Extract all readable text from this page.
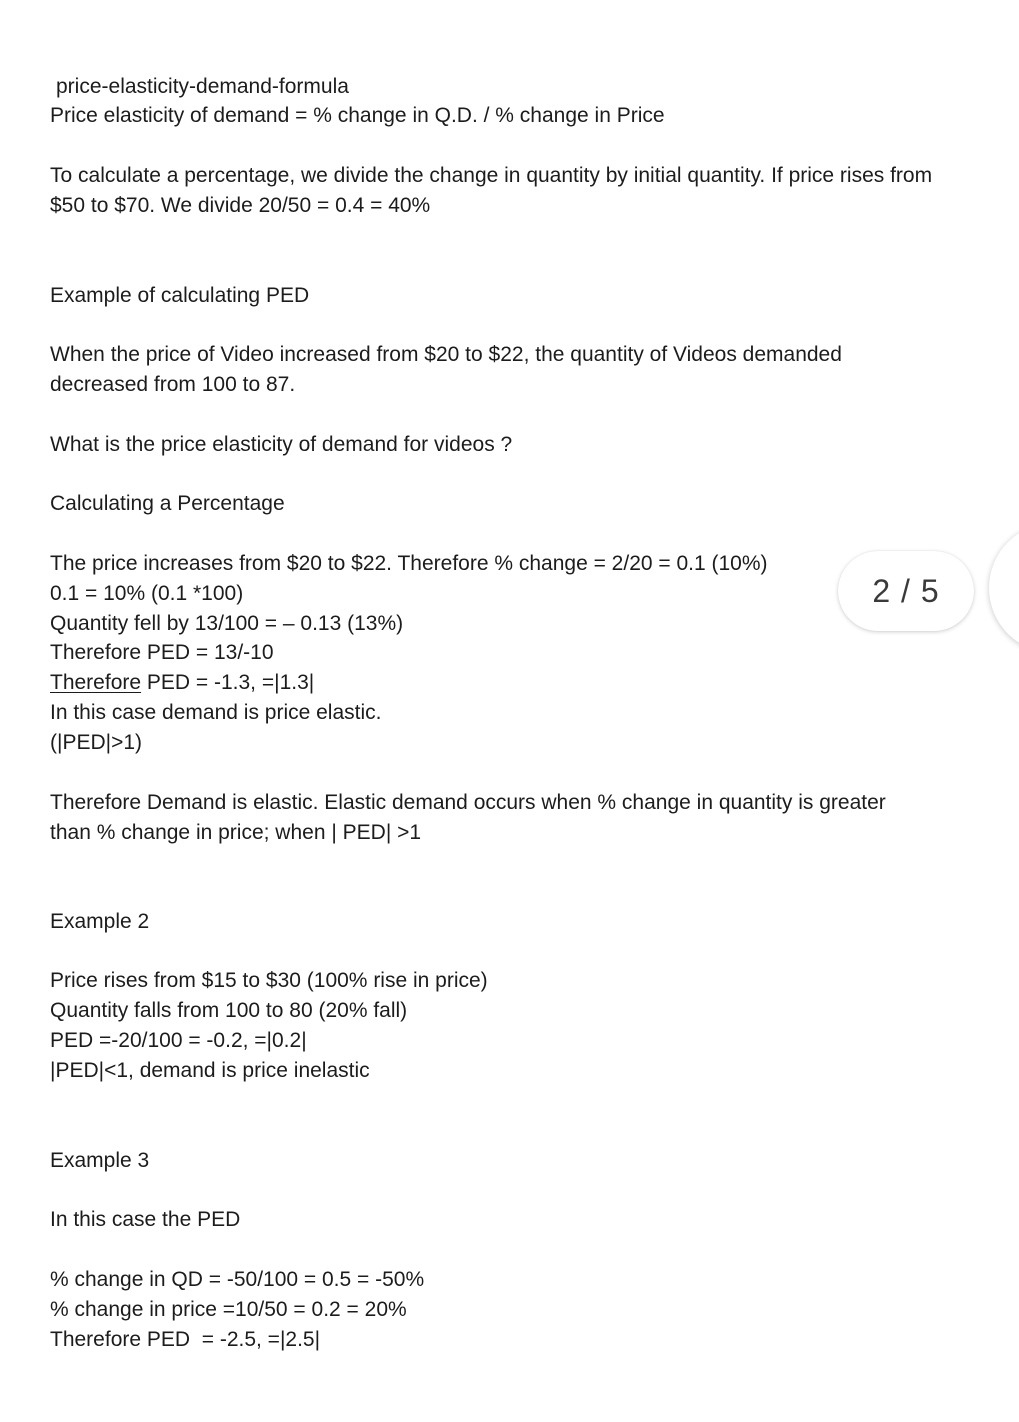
price-elasticity-demand-formula
Price elasticity of demand = % change in Q.D. / % change in Price
To calculate a percentage, we divide the change in quantity by initial quantity. If price rises from
$50 to $70. We divide 20/50 = 0.4 = 40%
Example of calculating PED
When the price of Video increased from $20 to $22, the quantity of Videos demanded
decreased from 100 to 87.
What is the price elasticity of demand for videos ?
Calculating a Percentage
The price increases from $20 to $22. Therefore % change = 2/20 = 0.1 (10%)
0.1 = 10% (0.1 *100)
Quantity fell by 13/100 = – 0.13 (13%)
Therefore PED = 13/-10
Therefore PED = -1.3, =|1.3|
In this case demand is price elastic.
(|PED|>1)
Therefore Demand is elastic. Elastic demand occurs when % change in quantity is greater
than % change in price; when | PED| >1
Example 2
Price rises from $15 to $30 (100% rise in price)
Quantity falls from 100 to 80 (20% fall)
PED =-20/100 = -0.2, =|0.2|
|PED|<1, demand is price inelastic
Example 3
In this case the PED
% change in QD = -50/100 = 0.5 = -50%
% change in price =10/50 = 0.2 = 20%
Therefore PED  = -2.5, =|2.5|
2 / 5
